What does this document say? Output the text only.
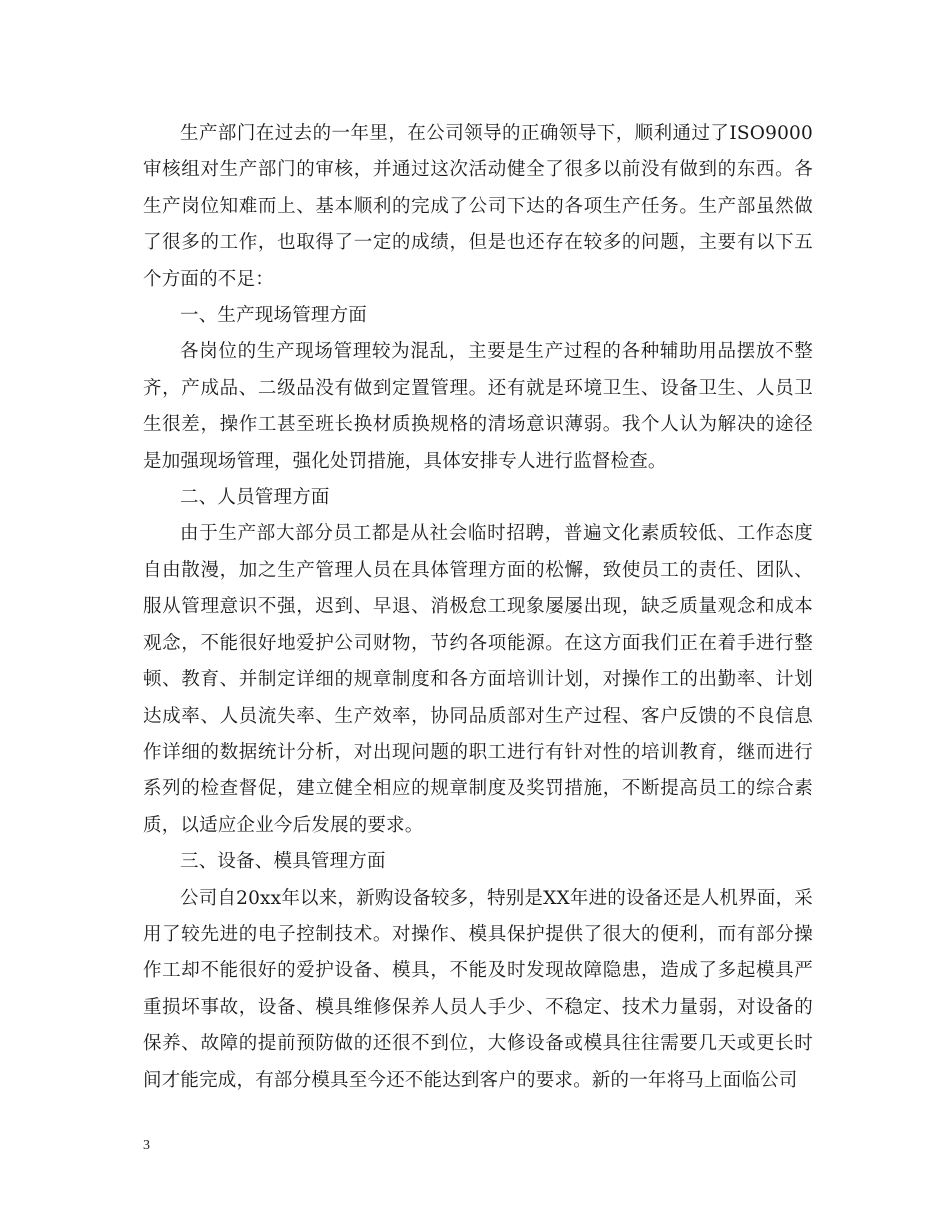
生产部门在过去的一年里，在公司领导的正确领导下，顺利通过了ISO9000审核组对生产部门的审核，并通过这次活动健全了很多以前没有做到的东西。各生产岗位知难而上、基本顺利的完成了公司下达的各项生产任务。生产部虽然做了很多的工作，也取得了一定的成绩，但是也还存在较多的问题，主要有以下五个方面的不足：

一、生产现场管理方面

各岗位的生产现场管理较为混乱，主要是生产过程的各种辅助用品摆放不整齐，产成品、二级品没有做到定置管理。还有就是环境卫生、设备卫生、人员卫生很差，操作工甚至班长换材质换规格的清场意识薄弱。我个人认为解决的途径是加强现场管理，强化处罚措施，具体安排专人进行监督检查。

二、人员管理方面

由于生产部大部分员工都是从社会临时招聘，普遍文化素质较低、工作态度自由散漫，加之生产管理人员在具体管理方面的松懈，致使员工的责任、团队、服从管理意识不强，迟到、早退、消极怠工现象屡屡出现，缺乏质量观念和成本观念，不能很好地爱护公司财物，节约各项能源。在这方面我们正在着手进行整顿、教育、并制定详细的规章制度和各方面培训计划，对操作工的出勤率、计划达成率、人员流失率、生产效率，协同品质部对生产过程、客户反馈的不良信息作详细的数据统计分析，对出现问题的职工进行有针对性的培训教育，继而进行系列的检查督促，建立健全相应的规章制度及奖罚措施，不断提高员工的综合素质，以适应企业今后发展的要求。

三、设备、模具管理方面

公司自20xx年以来，新购设备较多，特别是XX年进的设备还是人机界面，采用了较先进的电子控制技术。对操作、模具保护提供了很大的便利，而有部分操作工却不能很好的爱护设备、模具，不能及时发现故障隐患，造成了多起模具严重损坏事故，设备、模具维修保养人员人手少、不稳定、技术力量弱，对设备的保养、故障的提前预防做的还很不到位，大修设备或模具往往需要几天或更长时间才能完成，有部分模具至今还不能达到客户的要求。新的一年将马上面临公司

3
